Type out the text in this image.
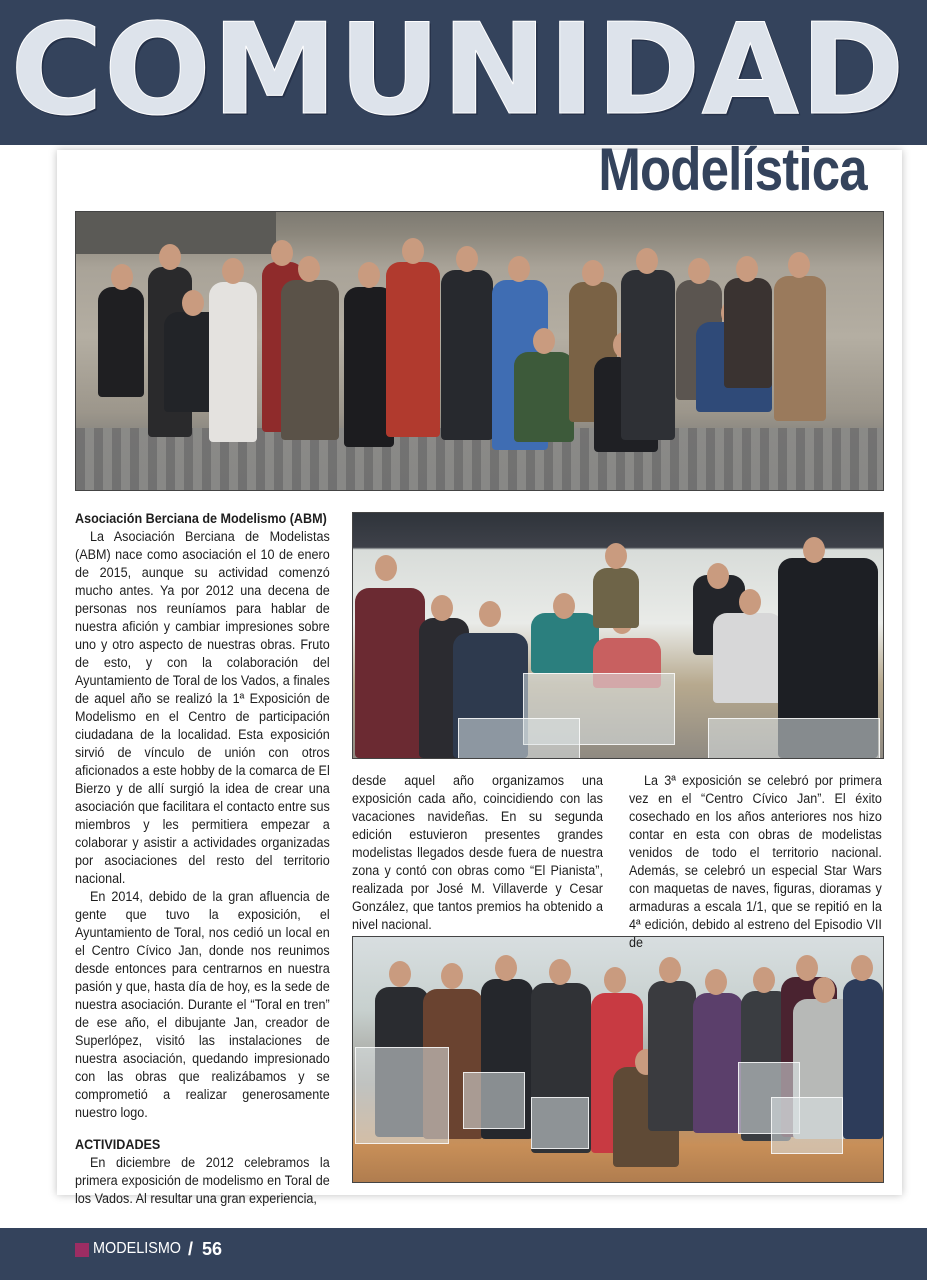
COMUNIDAD
Modelística
Asociación Berciana de Modelismo (ABM)

La Asociación Berciana de Modelistas (ABM) nace como asociación el 10 de enero de 2015, aunque su actividad comenzó mucho antes. Ya por 2012 una decena de personas nos reuníamos para hablar de nuestra afición y cambiar impresiones sobre uno y otro aspecto de nuestras obras. Fruto de esto, y con la colaboración del Ayuntamiento de Toral de los Vados, a finales de aquel año se realizó la 1ª Exposición de Modelismo en el Centro de participación ciudadana de la localidad. Esta exposición sirvió de vínculo de unión con otros aficionados a este hobby de la comarca de El Bierzo y de allí surgió la idea de crear una asociación que facilitara el contacto entre sus miembros y les permitiera empezar a colaborar y asistir a actividades organizadas por asociaciones del resto del territorio nacional.

En 2014, debido de la gran afluencia de gente que tuvo la exposición, el Ayuntamiento de Toral, nos cedió un local en el Centro Cívico Jan, donde nos reunimos desde entonces para centrarnos en nuestra pasión y que, hasta día de hoy, es la sede de nuestra asociación. Durante el “Toral en tren” de ese año, el dibujante Jan, creador de Superlópez, visitó las instalaciones de nuestra asociación, quedando impresionado con las obras que realizábamos y se comprometió a realizar generosamente nuestro logo.

ACTIVIDADES

En diciembre de 2012 celebramos la primera exposición de modelismo en Toral de los Vados. Al resultar una gran experiencia,

desde aquel año organizamos una exposición cada año, coincidiendo con las vacaciones navideñas. En su segunda edición estuvieron presentes grandes modelistas llegados desde fuera de nuestra zona y contó con obras como “El Pianista”, realizada por José M. Villaverde y Cesar González, que tantos premios ha obtenido a nivel nacional.

La 3ª exposición se celebró por primera vez en el “Centro Cívico Jan”. El éxito cosechado en los años anteriores nos hizo contar en esta con obras de modelistas venidos de todo el territorio nacional. Además, se celebró un especial Star Wars con maquetas de naves, figuras, dioramas y armaduras a escala 1/1, que se repitió en la 4ª edición, debido al estreno del Episodio VII de

MODELISMO / 56
